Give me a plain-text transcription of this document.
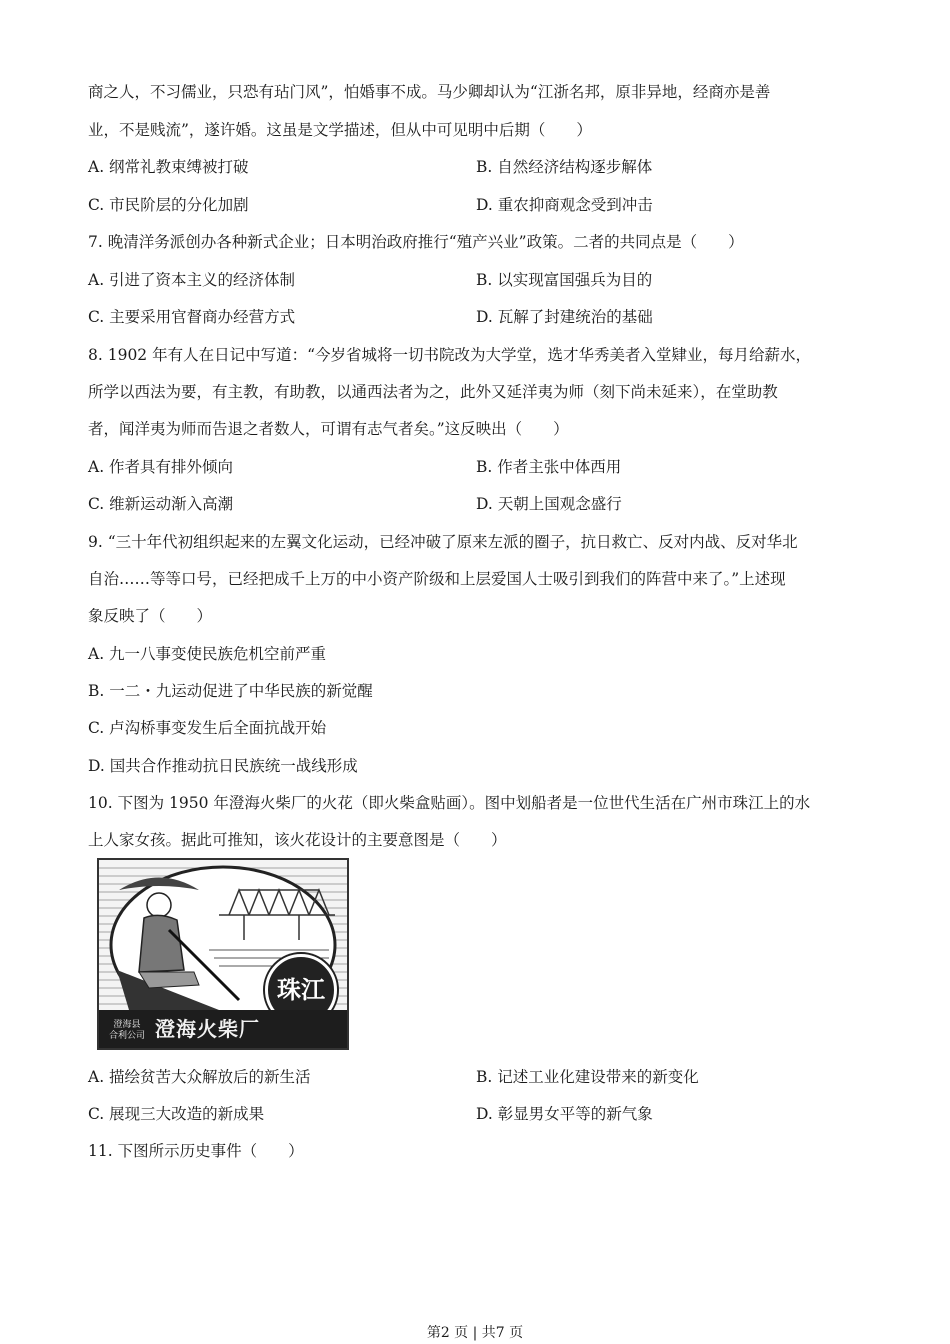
商之人，不习儒业，只恐有玷门风”，怕婚事不成。马少卿却认为“江浙名邦，原非异地，经商亦是善
业，不是贱流”，遂许婚。这虽是文学描述，但从中可见明中后期（　　）
A. 纲常礼教束缚被打破	B. 自然经济结构逐步解体
C. 市民阶层的分化加剧	D. 重农抑商观念受到冲击
7. 晚清洋务派创办各种新式企业；日本明治政府推行“殖产兴业”政策。二者的共同点是（　　）
A. 引进了资本主义的经济体制	B. 以实现富国强兵为目的
C. 主要采用官督商办经营方式	D. 瓦解了封建统治的基础
8. 1902 年有人在日记中写道：“今岁省城将一切书院改为大学堂，选才华秀美者入堂肄业，每月给薪水，
所学以西法为要，有主教，有助教，以通西法者为之，此外又延洋夷为师（刻下尚未延来），在堂助教
者，闻洋夷为师而告退之者数人，可谓有志气者矣。”这反映出（　　）
A. 作者具有排外倾向	B. 作者主张中体西用
C. 维新运动渐入高潮	D. 天朝上国观念盛行
9. “三十年代初组织起来的左翼文化运动，已经冲破了原来左派的圈子，抗日救亡、反对内战、反对华北
自治……等等口号，已经把成千上万的中小资产阶级和上层爱国人士吸引到我们的阵营中来了。”上述现
象反映了（　　）
A. 九一八事变使民族危机空前严重
B. 一二・九运动促进了中华民族的新觉醒
C. 卢沟桥事变发生后全面抗战开始
D. 国共合作推动抗日民族统一战线形成
10. 下图为 1950 年澄海火柴厂的火花（即火柴盒贴画）。图中划船者是一位世代生活在广州市珠江上的水
上人家女孩。据此可推知，该火花设计的主要意图是（　　）
珠江
澄海县
合利公司 澄海火柴厂
A. 描绘贫苦大众解放后的新生活	B. 记述工业化建设带来的新变化
C. 展现三大改造的新成果	D. 彰显男女平等的新气象
11. 下图所示历史事件（　　）
第2 页 | 共7 页
